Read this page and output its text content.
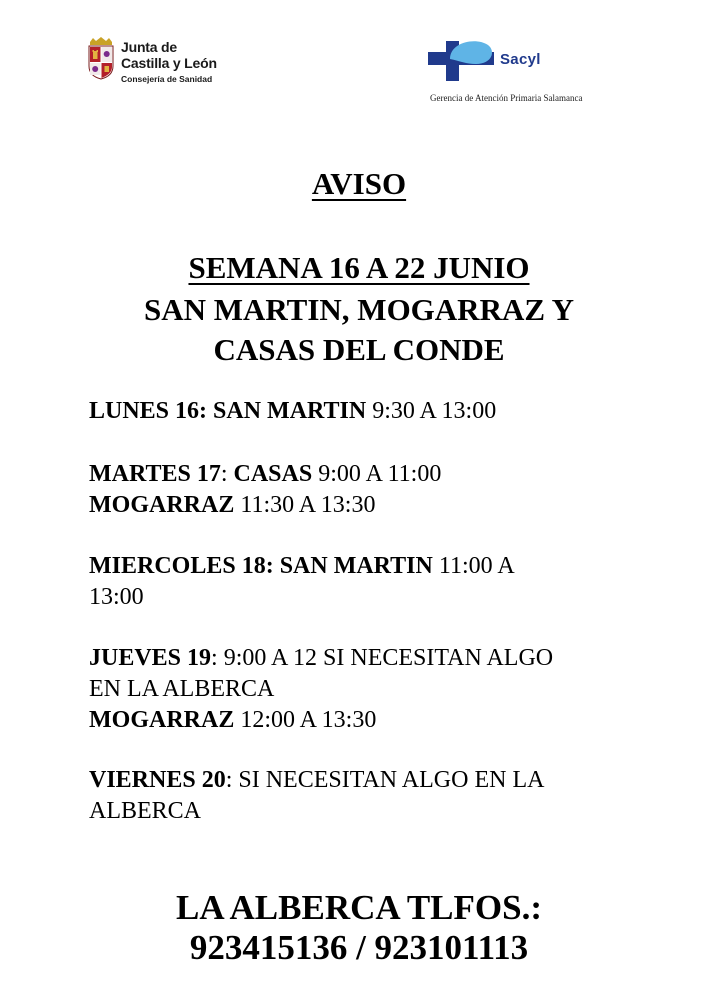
Junta de
Castilla y León
Consejería de Sanidad
Sacyl
Gerencia de Atención Primaria Salamanca
AVISO
SEMANA 16 A 22 JUNIO
SAN MARTIN, MOGARRAZ Y
CASAS DEL CONDE
LUNES 16: SAN MARTIN 9:30 A 13:00
MARTES 17: CASAS 9:00 A 11:00
MOGARRAZ 11:30 A 13:30
MIERCOLES 18: SAN MARTIN 11:00 A
13:00
JUEVES 19: 9:00 A 12 SI NECESITAN ALGO
EN LA ALBERCA
MOGARRAZ 12:00 A 13:30
VIERNES 20: SI NECESITAN ALGO EN LA
ALBERCA
LA ALBERCA TLFOS.:
923415136 / 923101113
